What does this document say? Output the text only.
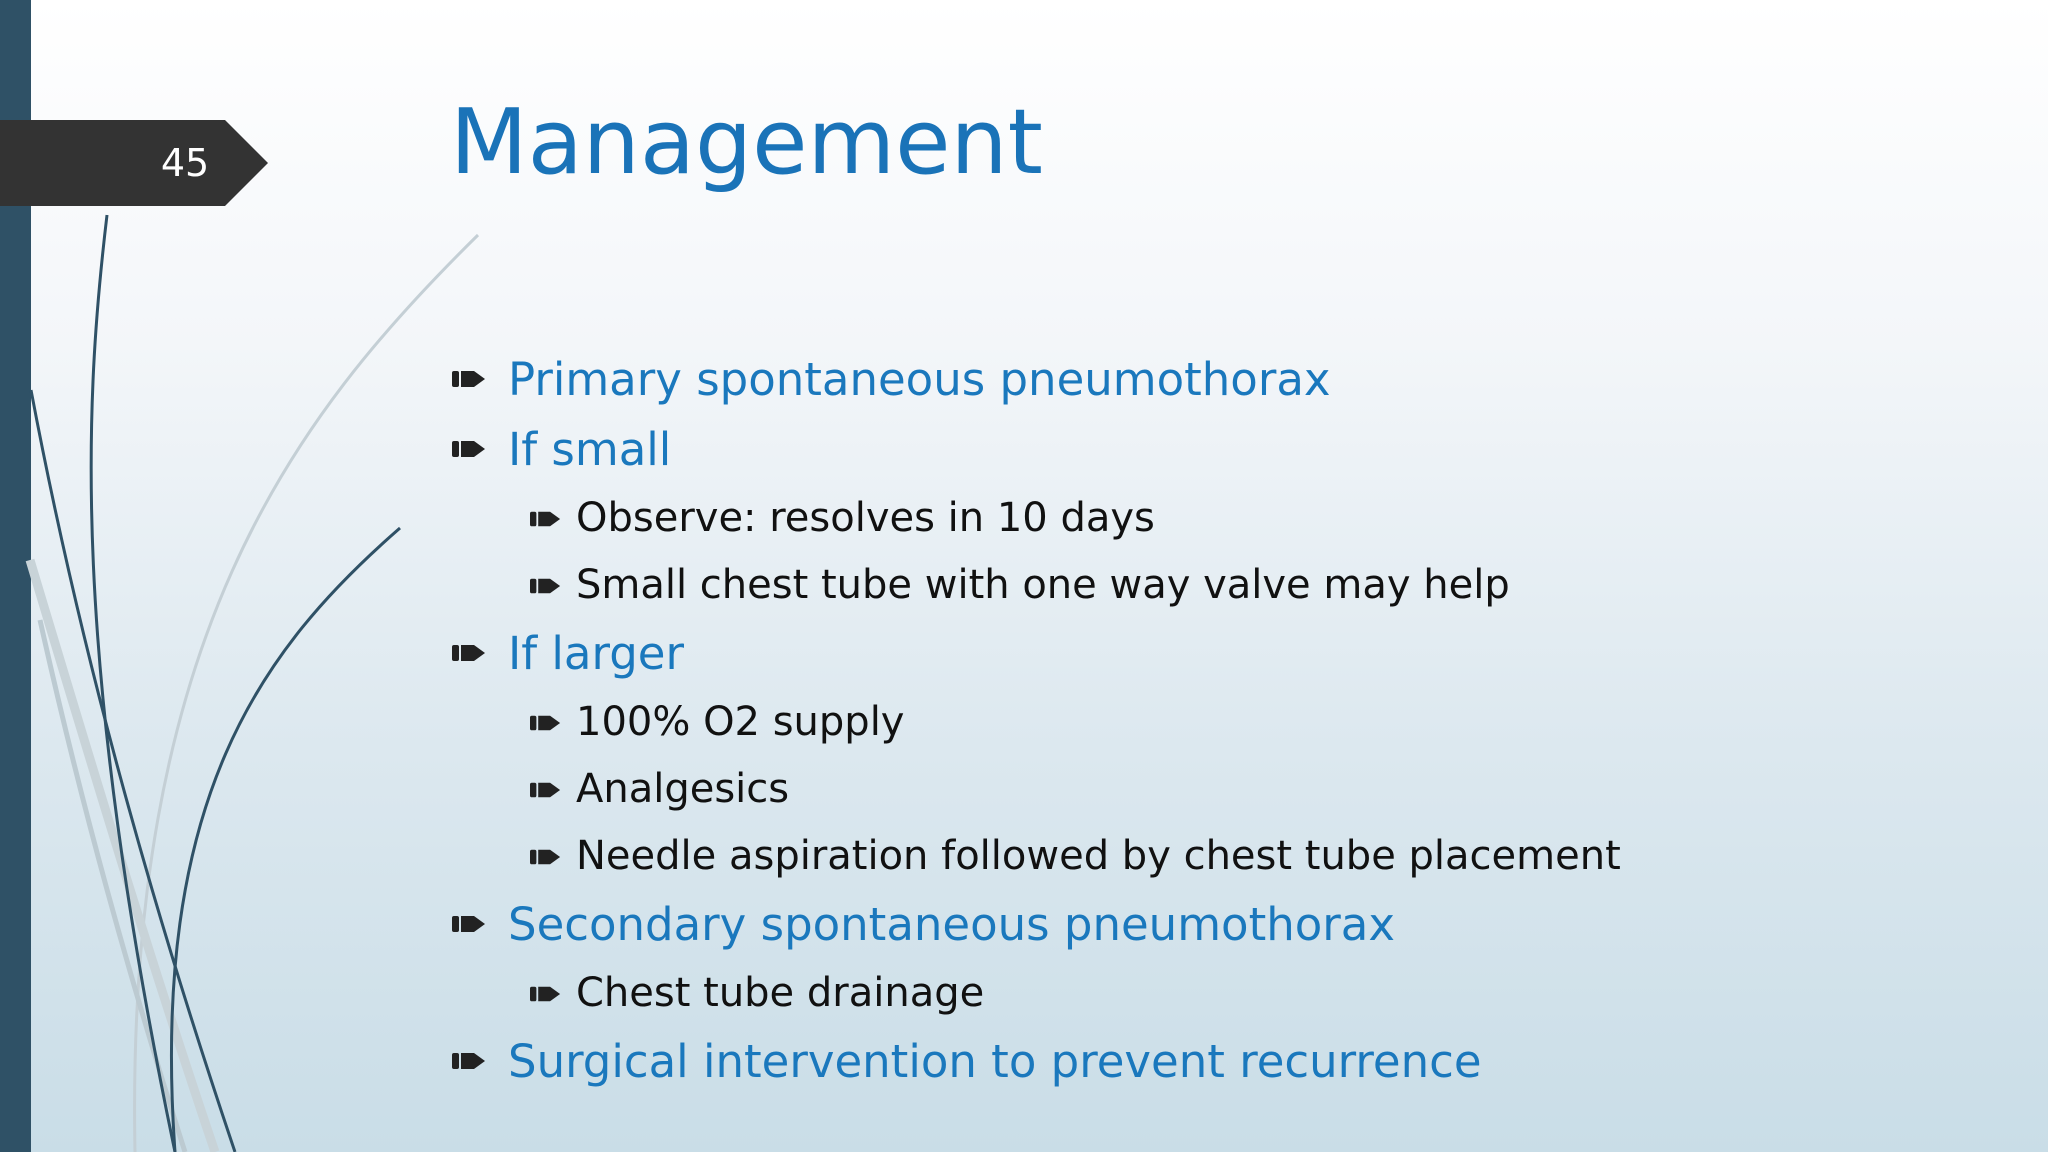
45	Management
Primary spontaneous pneumothorax
If small
Observe: resolves in 10 days
Small chest tube with one way valve may help
If larger
100% O2 supply
Analgesics
Needle aspiration followed by chest tube placement
Secondary spontaneous pneumothorax
Chest tube drainage
Surgical intervention to prevent recurrence
